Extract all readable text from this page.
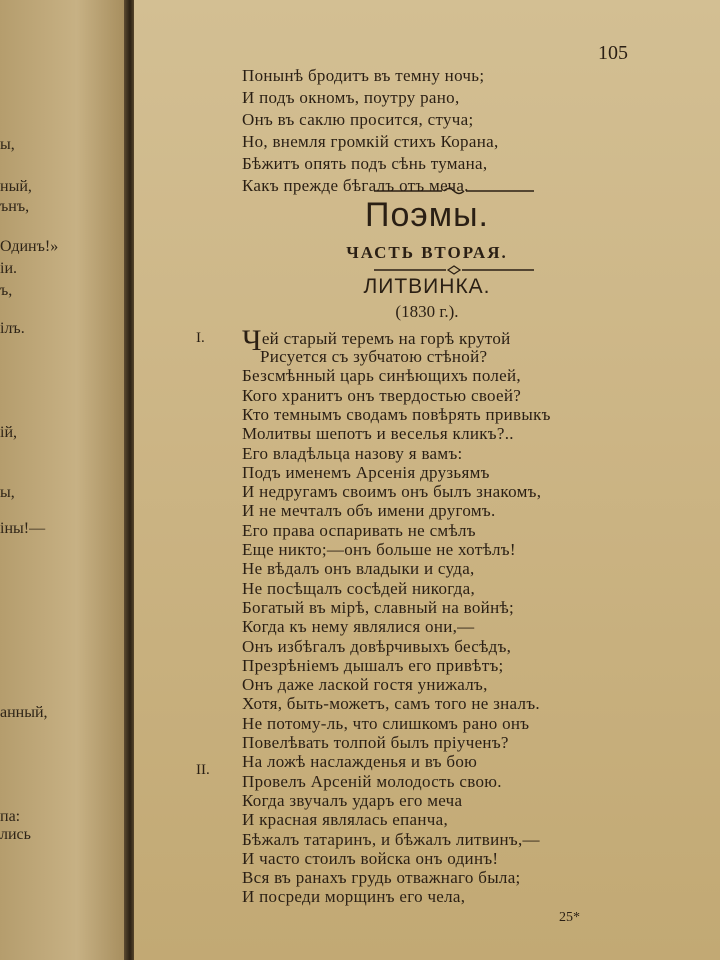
ы,
ный,
ънъ,
Одинъ!»
іи.
ъ,
ілъ.
ій,
ы,
іны!—
анный,
па:
лись
105
Понынѣ бродитъ въ темну ночь;
И подъ окномъ, поутру рано,
Онъ въ саклю просится, стуча;
Но, внемля громкій стихъ Корана,
Бѣжитъ опять подъ сѣнь тумана,
Какъ прежде бѣгалъ отъ меча.
Поэмы.
ЧАСТЬ ВТОРАЯ.
ЛИТВИНКА.
(1830 г.).
I. Чей старый теремъ на горѣ крутой
Рисуется съ зубчатою стѣной?
Безсмѣнный царь синѣющихъ полей,
Кого хранитъ онъ твердостью своей?
Кто темнымъ сводамъ повѣрять привыкъ
Молитвы шепотъ и веселья кликъ?..
Его владѣльца назову я вамъ:
Подъ именемъ Арсенія друзьямъ
И недругамъ своимъ онъ былъ знакомъ,
И не мечталъ объ имени другомъ.
Его права оспаривать не смѣлъ
Еще никто;—онъ больше не хотѣлъ!
Не вѣдалъ онъ владыки и суда,
Не посѣщалъ сосѣдей никогда,
Богатый въ мірѣ, славный на войнѣ;
Когда къ нему являлися они,—
Онъ избѣгалъ довѣрчивыхъ бесѣдъ,
Презрѣніемъ дышалъ его привѣтъ;
Онъ даже лаской гостя унижалъ,
Хотя, быть-можетъ, самъ того не зналъ.
Не потому-ль, что слишкомъ рано онъ
Повелѣвать толпой былъ пріученъ?
На ложѣ наслажденья и въ бою
Провелъ Арсеній молодость свою.
Когда звучалъ ударъ его меча
И красная являлась епанча,
Бѣжалъ татаринъ, и бѣжалъ литвинъ,—
И часто стоилъ войска онъ одинъ!
Вся въ ранахъ грудь отважнаго была;
И посреди морщинъ его чела,
II.
25*
